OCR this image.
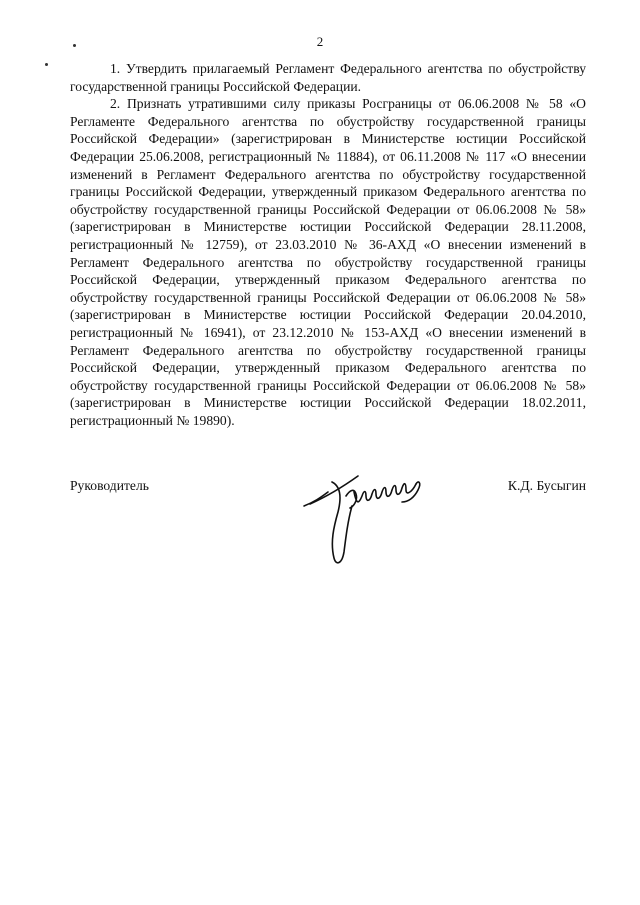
2

1. Утвердить прилагаемый Регламент Федерального агентства по обустройству государственной границы Российской Федерации.

2. Признать утратившими силу приказы Росграницы от 06.06.2008 № 58 «О Регламенте Федерального агентства по обустройству государственной границы Российской Федерации» (зарегистрирован в Министерстве юстиции Российской Федерации 25.06.2008, регистрационный № 11884), от 06.11.2008 № 117 «О внесении изменений в Регламент Федерального агентства по обустройству государственной границы Российской Федерации, утвержденный приказом Федерального агентства по обустройству государственной границы Российской Федерации от 06.06.2008 № 58» (зарегистрирован в Министерстве юстиции Российской Федерации 28.11.2008, регистрационный № 12759), от 23.03.2010 № 36-АХД «О внесении изменений в Регламент Федерального агентства по обустройству государственной границы Российской Федерации, утвержденный приказом Федерального агентства по обустройству государственной границы Российской Федерации от 06.06.2008 № 58» (зарегистрирован в Министерстве юстиции Российской Федерации 20.04.2010, регистрационный № 16941), от 23.12.2010 № 153-АХД «О внесении изменений в Регламент Федерального агентства по обустройству государственной границы Российской Федерации, утвержденный приказом Федерального агентства по обустройству государственной границы Российской Федерации от 06.06.2008 № 58» (зарегистрирован в Министерстве юстиции Российской Федерации 18.02.2011, регистрационный № 19890).

Руководитель	К.Д. Бусыгин
